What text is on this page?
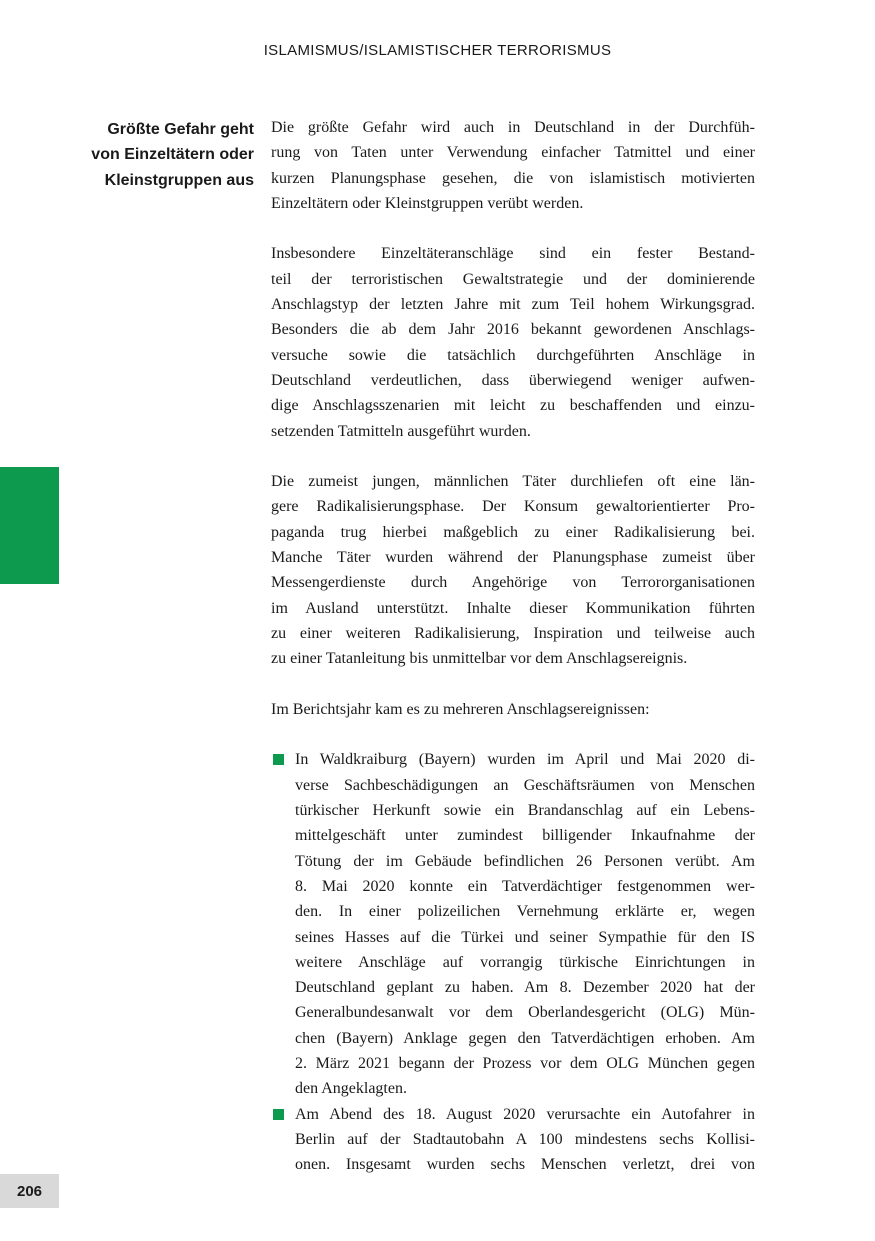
ISLAMISMUS/ISLAMISTISCHER TERRORISMUS
Größte Gefahr geht
von Einzeltätern oder
Kleinstgruppen aus
206
Die größte Gefahr wird auch in Deutschland in der Durchfüh-
rung von Taten unter Verwendung einfacher Tatmittel und einer
kurzen Planungsphase gesehen, die von islamistisch motivierten
Einzeltätern oder Kleinstgruppen verübt werden.
Insbesondere Einzeltäteranschläge sind ein fester Bestand-
teil der terroristischen Gewaltstrategie und der dominierende
Anschlagstyp der letzten Jahre mit zum Teil hohem Wirkungsgrad.
Besonders die ab dem Jahr 2016 bekannt gewordenen Anschlags-
versuche sowie die tatsächlich durchgeführten Anschläge in
Deutschland verdeutlichen, dass überwiegend weniger aufwen-
dige Anschlagsszenarien mit leicht zu beschaffenden und einzu-
setzenden Tatmitteln ausgeführt wurden.
Die zumeist jungen, männlichen Täter durchliefen oft eine län-
gere Radikalisierungsphase. Der Konsum gewaltorientierter Pro-
paganda trug hierbei maßgeblich zu einer Radikalisierung bei.
Manche Täter wurden während der Planungsphase zumeist über
Messengerdienste durch Angehörige von Terrororganisationen
im Ausland unterstützt. Inhalte dieser Kommunikation führten
zu einer weiteren Radikalisierung, Inspiration und teilweise auch
zu einer Tatanleitung bis unmittelbar vor dem Anschlagsereignis.
Im Berichtsjahr kam es zu mehreren Anschlagsereignissen:
In Waldkraiburg (Bayern) wurden im April und Mai 2020 di-
verse Sachbeschädigungen an Geschäftsräumen von Menschen
türkischer Herkunft sowie ein Brandanschlag auf ein Lebens-
mittelgeschäft unter zumindest billigender Inkaufnahme der
Tötung der im Gebäude befindlichen 26 Personen verübt. Am
8. Mai 2020 konnte ein Tatverdächtiger festgenommen wer-
den. In einer polizeilichen Vernehmung erklärte er, wegen
seines Hasses auf die Türkei und seiner Sympathie für den IS
weitere Anschläge auf vorrangig türkische Einrichtungen in
Deutschland geplant zu haben. Am 8. Dezember 2020 hat der
Generalbundesanwalt vor dem Oberlandesgericht (OLG) Mün-
chen (Bayern) Anklage gegen den Tatverdächtigen erhoben. Am
2. März 2021 begann der Prozess vor dem OLG München gegen
den Angeklagten.
Am Abend des 18. August 2020 verursachte ein Autofahrer in
Berlin auf der Stadtautobahn A 100 mindestens sechs Kollisi-
onen. Insgesamt wurden sechs Menschen verletzt, drei von
